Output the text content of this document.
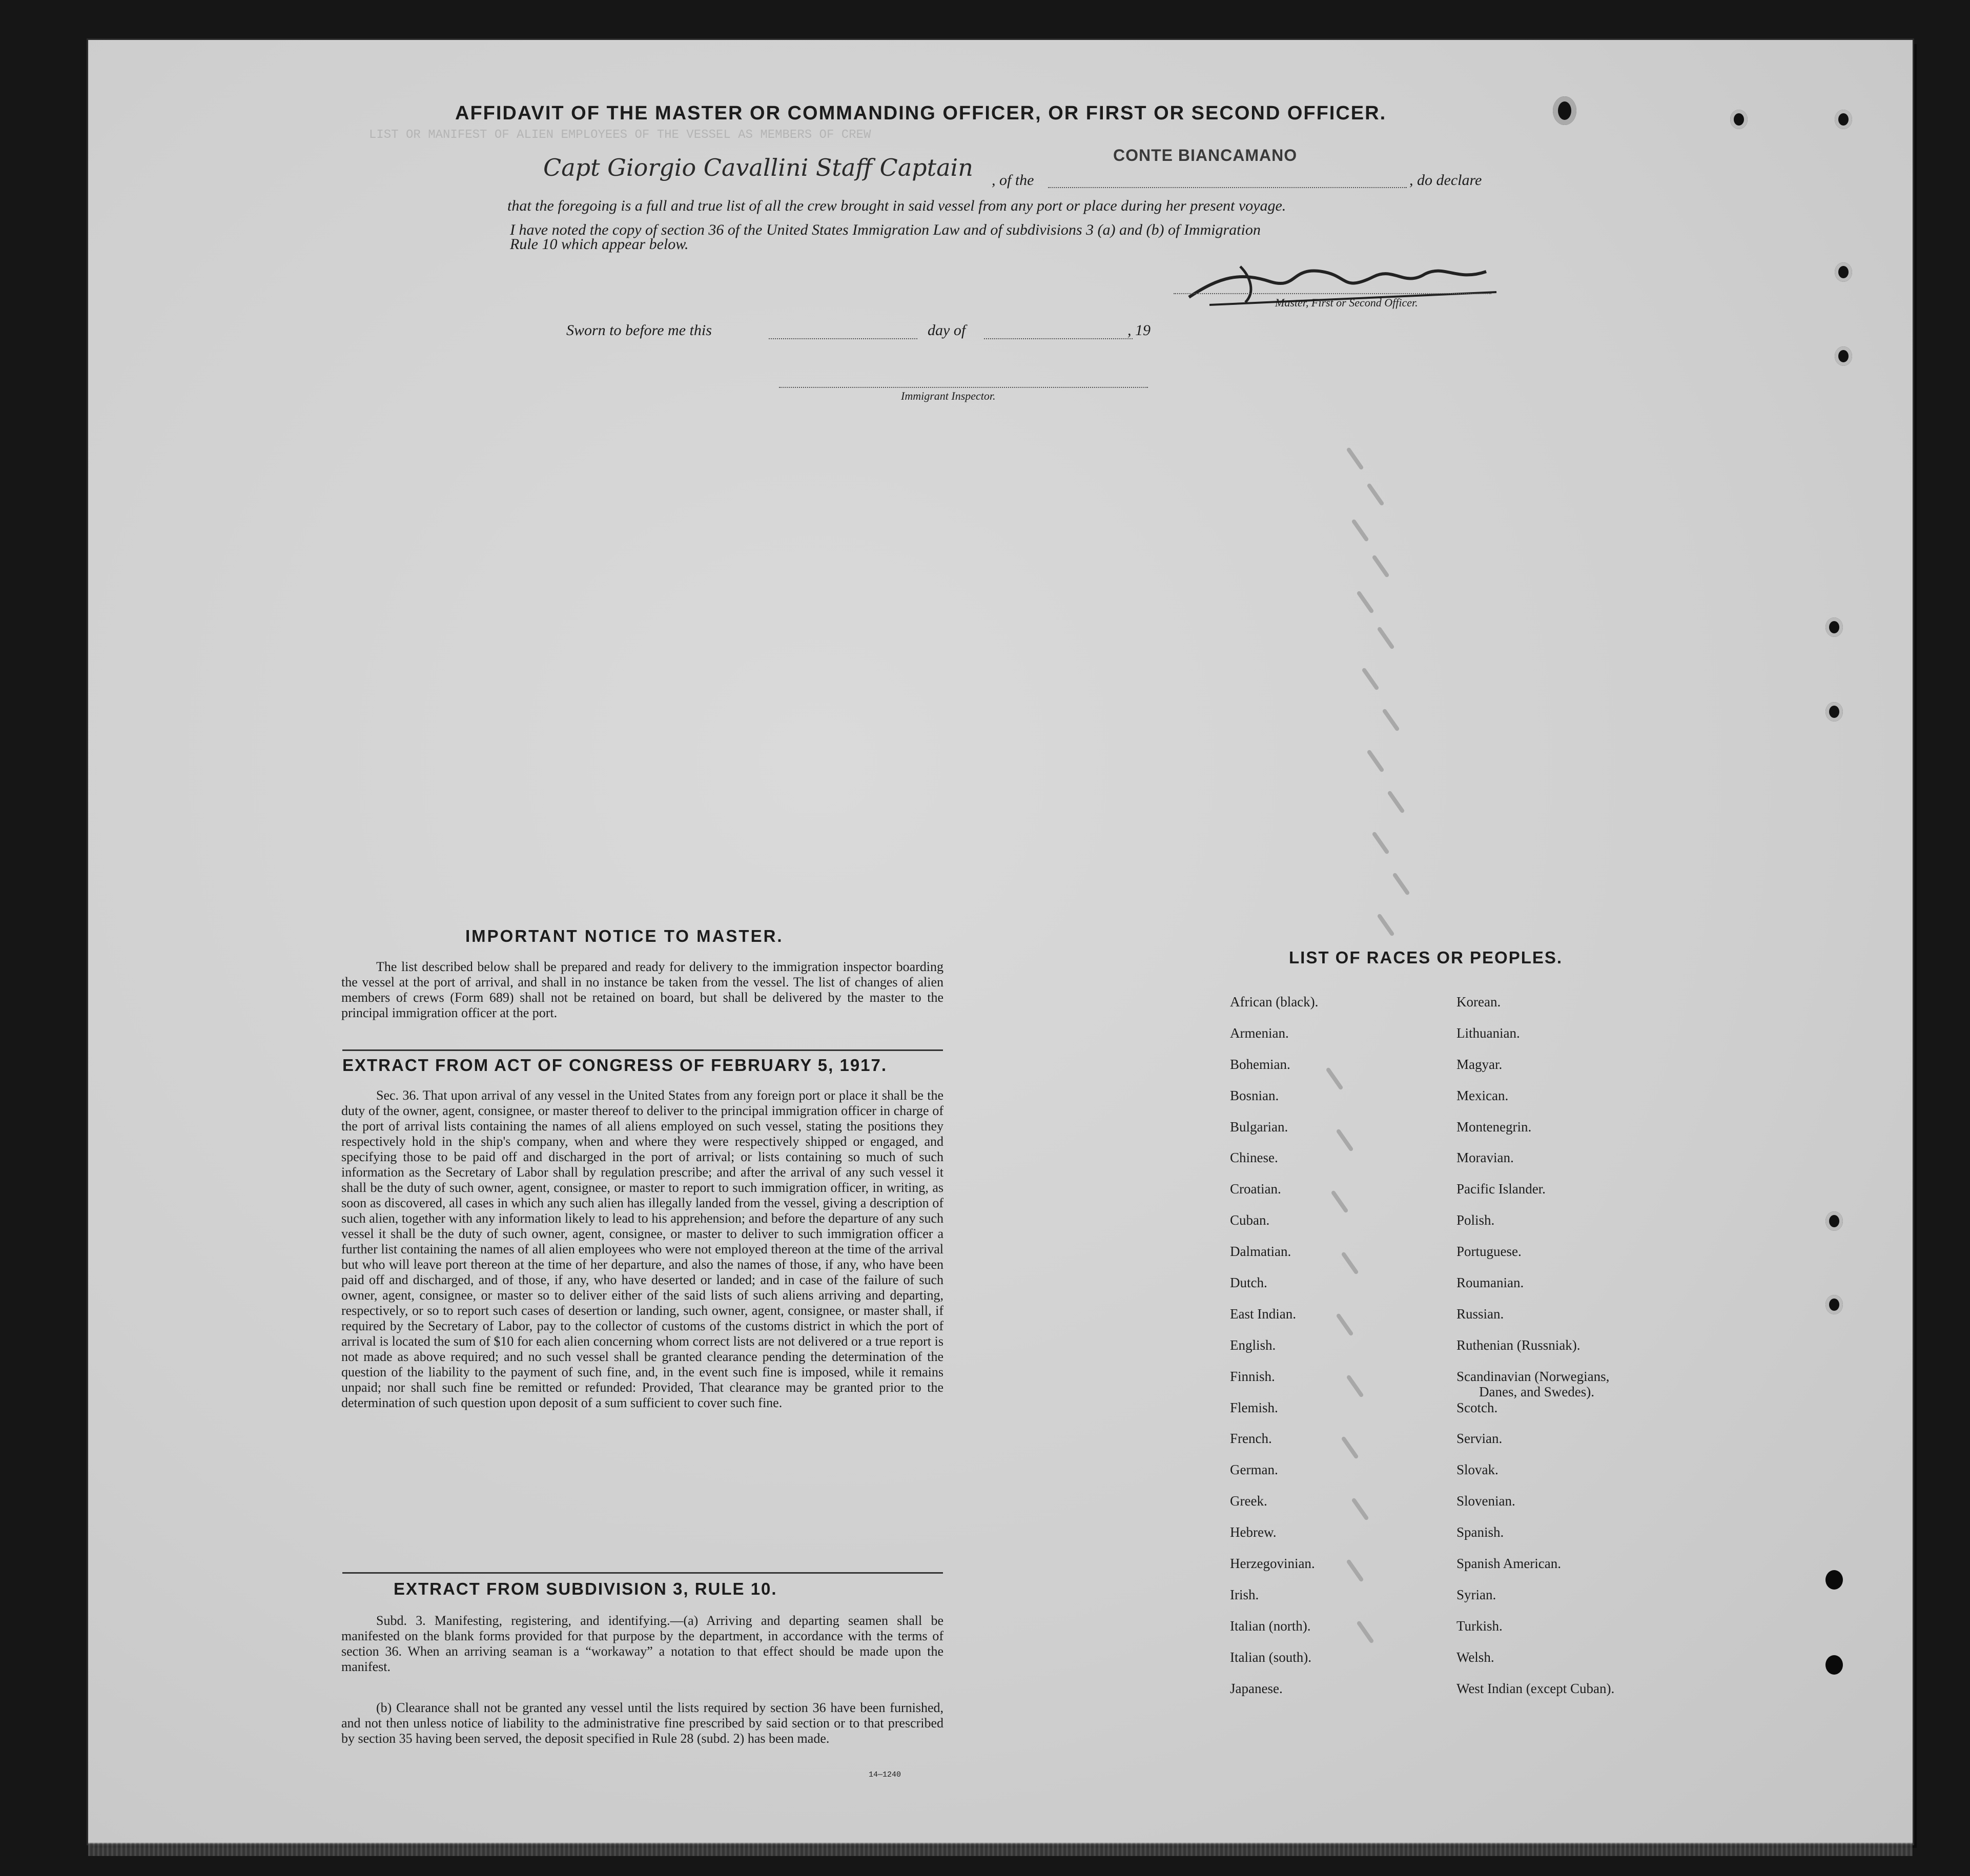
LIST OR MANIFEST OF ALIEN EMPLOYEES OF THE VESSEL AS MEMBERS OF CREW
AFFIDAVIT OF THE MASTER OR COMMANDING OFFICER, OR FIRST OR SECOND OFFICER.
Capt Giorgio Cavallini Staff Captain , of the
CONTE BIANCAMANO
, do declare
that the foregoing is a full and true list of all the crew brought in said vessel from any port or place during her present voyage.
I have noted the copy of section 36 of the United States Immigration Law and of subdivisions 3 (a) and (b) of Immigration
Rule 10 which appear below.
Master, First or Second Officer.
Sworn to before me this	day of	, 19
Immigrant Inspector.
IMPORTANT NOTICE TO MASTER.
The list described below shall be prepared and ready for delivery to the immigration inspector boarding the vessel at the port of arrival, and shall in no instance be taken from the vessel. The list of changes of alien members of crews (Form 689) shall not be retained on board, but shall be delivered by the master to the principal immigration officer at the port.
EXTRACT FROM ACT OF CONGRESS OF FEBRUARY 5, 1917.
Sec. 36. That upon arrival of any vessel in the United States from any foreign port or place it shall be the duty of the owner, agent, consignee, or master thereof to deliver to the principal immigration officer in charge of the port of arrival lists containing the names of all aliens employed on such vessel, stating the positions they respectively hold in the ship's company, when and where they were respectively shipped or engaged, and specifying those to be paid off and discharged in the port of arrival; or lists containing so much of such information as the Secretary of Labor shall by regulation prescribe; and after the arrival of any such vessel it shall be the duty of such owner, agent, consignee, or master to report to such immigration officer, in writing, as soon as discovered, all cases in which any such alien has illegally landed from the vessel, giving a description of such alien, together with any information likely to lead to his apprehension; and before the departure of any such vessel it shall be the duty of such owner, agent, consignee, or master to deliver to such immigration officer a further list containing the names of all alien employees who were not employed thereon at the time of the arrival but who will leave port thereon at the time of her departure, and also the names of those, if any, who have been paid off and discharged, and of those, if any, who have deserted or landed; and in case of the failure of such owner, agent, consignee, or master so to deliver either of the said lists of such aliens arriving and departing, respectively, or so to report such cases of desertion or landing, such owner, agent, consignee, or master shall, if required by the Secretary of Labor, pay to the collector of customs of the customs district in which the port of arrival is located the sum of $10 for each alien concerning whom correct lists are not delivered or a true report is not made as above required; and no such vessel shall be granted clearance pending the determination of the question of the liability to the payment of such fine, and, in the event such fine is imposed, while it remains unpaid; nor shall such fine be remitted or refunded: Provided, That clearance may be granted prior to the determination of such question upon deposit of a sum sufficient to cover such fine.
EXTRACT FROM SUBDIVISION 3, RULE 10.
Subd. 3. Manifesting, registering, and identifying.—(a) Arriving and departing seamen shall be manifested on the blank forms provided for that purpose by the department, in accordance with the terms of section 36. When an arriving seaman is a “workaway” a notation to that effect should be made upon the manifest.
(b) Clearance shall not be granted any vessel until the lists required by section 36 have been furnished, and not then unless notice of liability to the administrative fine prescribed by said section or to that prescribed by section 35 having been served, the deposit specified in Rule 28 (subd. 2) has been made.
14—1240
LIST OF RACES OR PEOPLES.
African (black).
Armenian.
Bohemian.
Bosnian.
Bulgarian.
Chinese.
Croatian.
Cuban.
Dalmatian.
Dutch.
East Indian.
English.
Finnish.
Flemish.
French.
German.
Greek.
Hebrew.
Herzegovinian.
Irish.
Italian (north).
Italian (south).
Japanese.
Korean.
Lithuanian.
Magyar.
Mexican.
Montenegrin.
Moravian.
Pacific Islander.
Polish.
Portuguese.
Roumanian.
Russian.
Ruthenian (Russniak).
Scandinavian (Norwegians,
Danes, and Swedes).
Scotch.
Servian.
Slovak.
Slovenian.
Spanish.
Spanish American.
Syrian.
Turkish.
Welsh.
West Indian (except Cuban).
